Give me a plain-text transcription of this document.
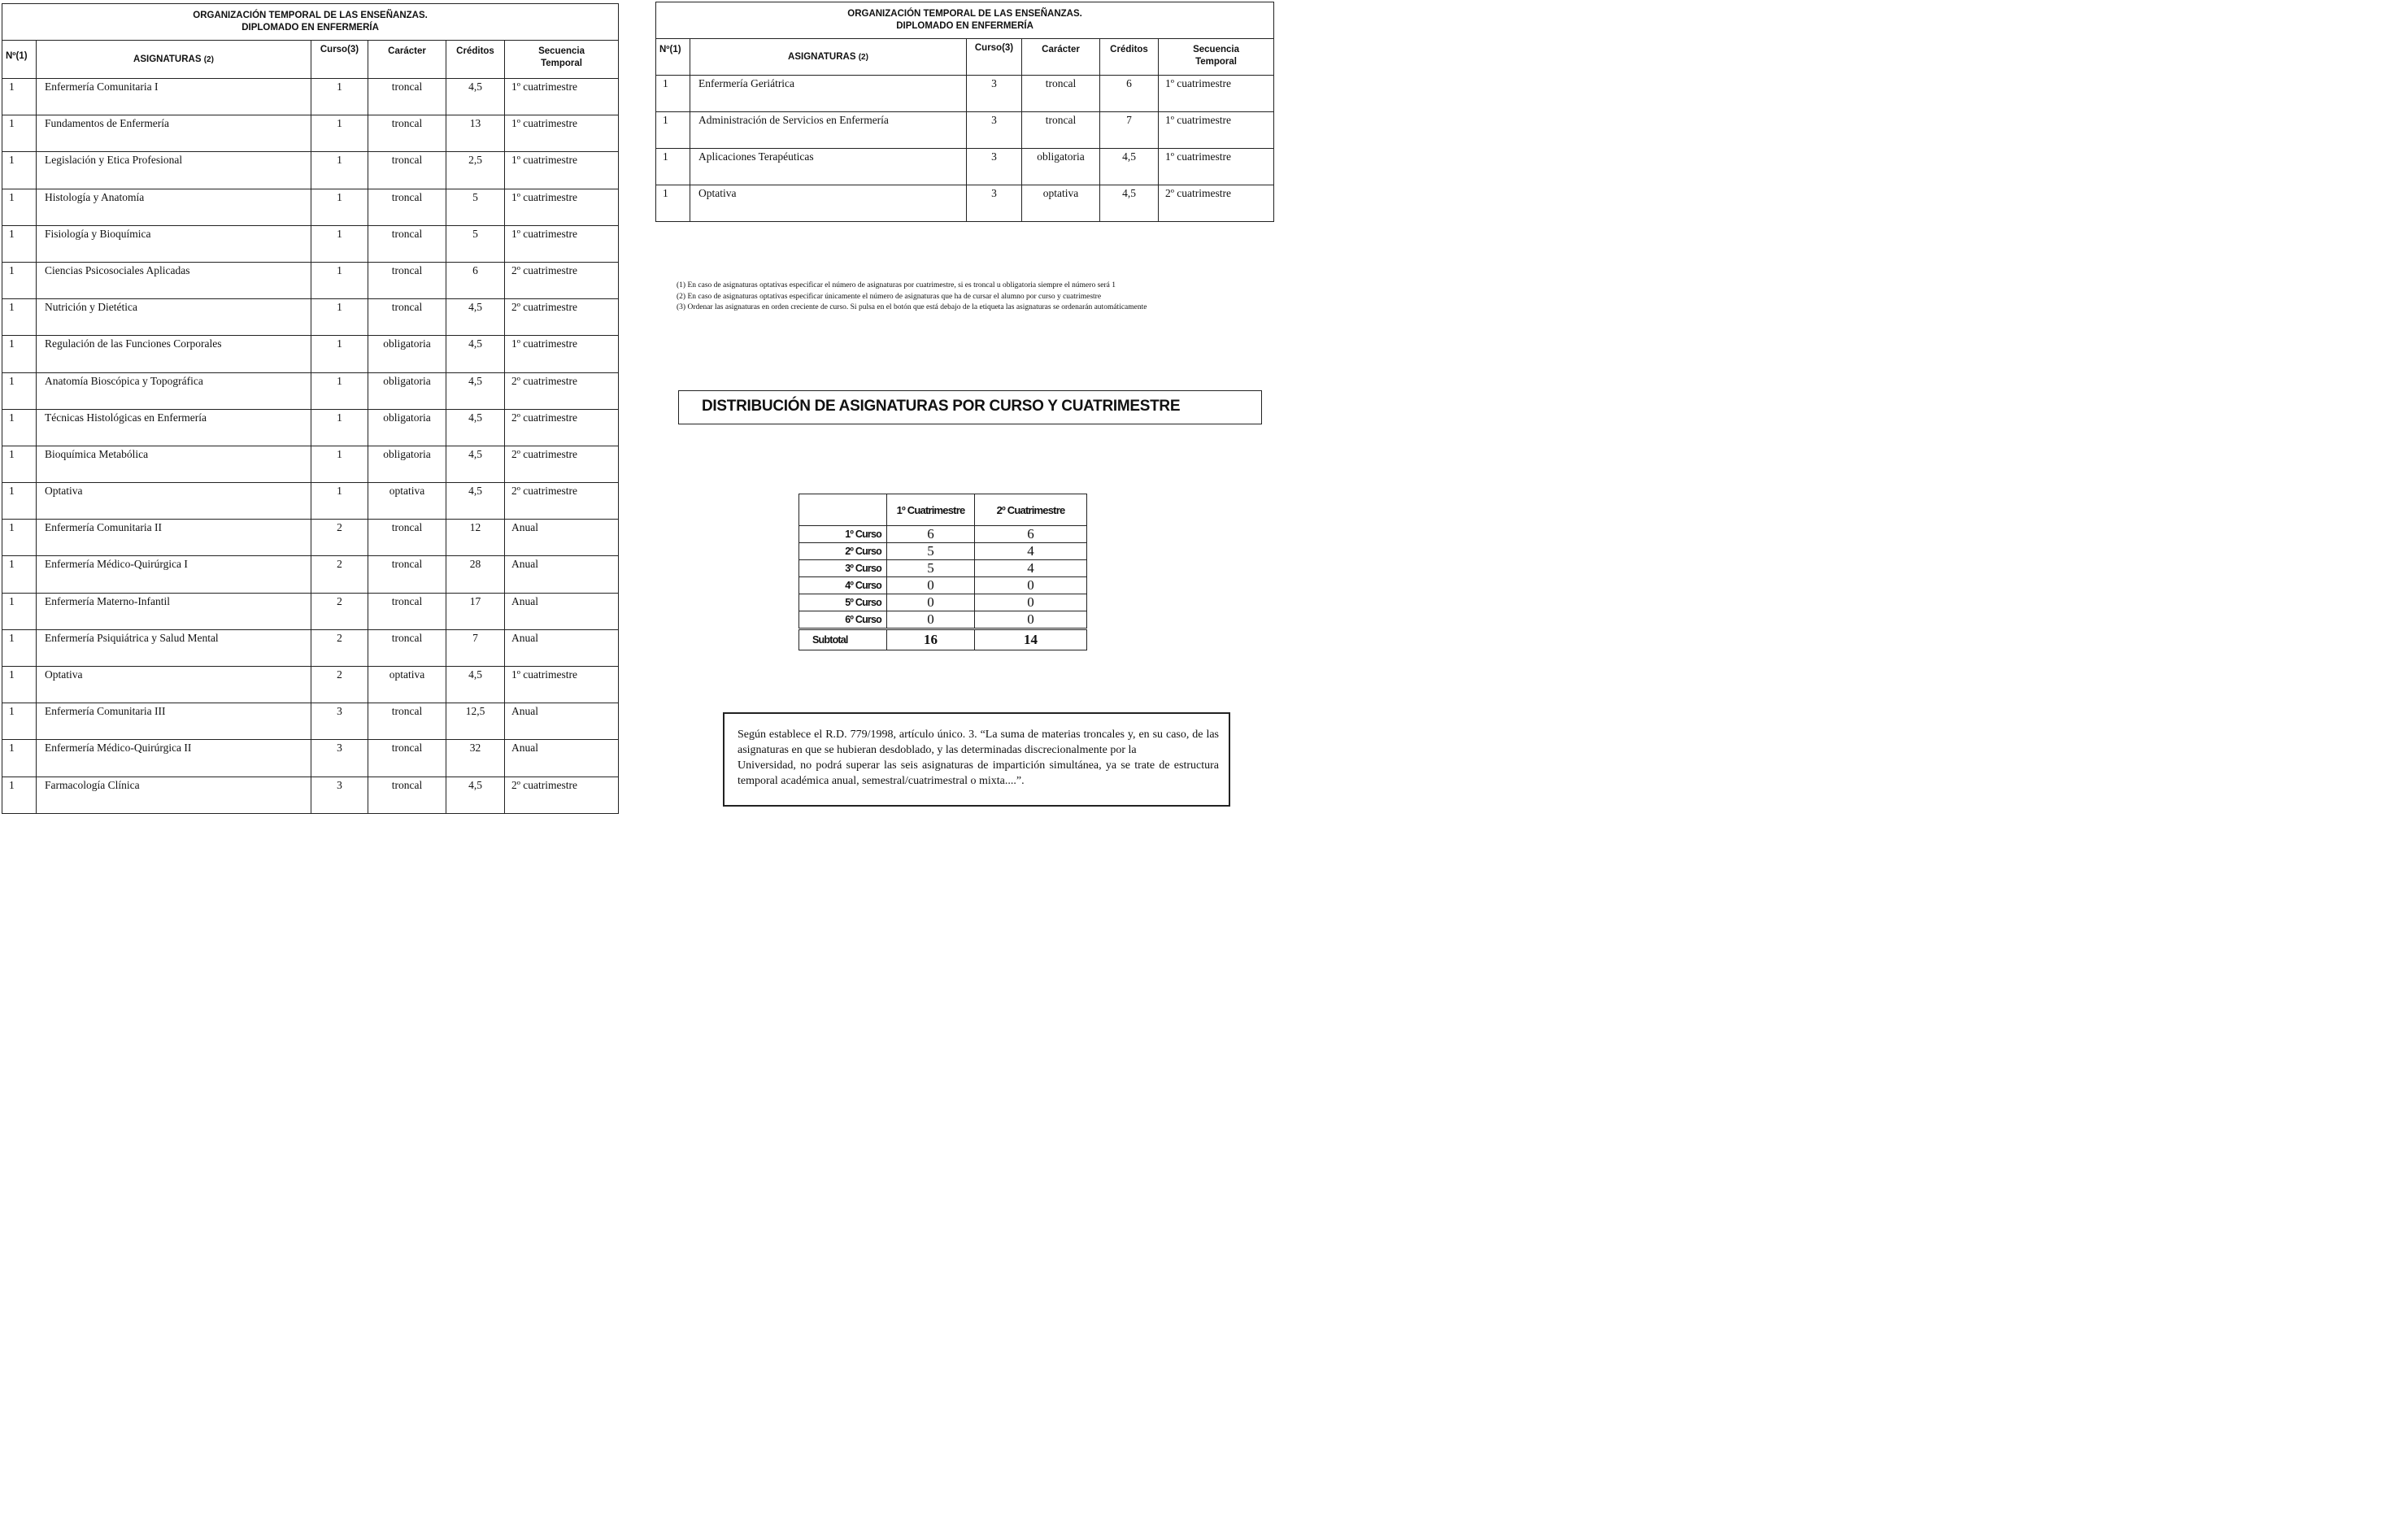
ORGANIZACIÓN TEMPORAL DE LAS ENSEÑANZAS.
DIPLOMADO EN ENFERMERÍA					

Nº(1)	ASIGNATURAS (2)	Curso(3)	Carácter	Créditos	Secuencia
Temporal

1	Enfermería Comunitaria I	1	troncal	4,5	1º cuatrimestre
1	Fundamentos de Enfermería	1	troncal	13	1º cuatrimestre
1	Legislación y Etica Profesional	1	troncal	2,5	1º cuatrimestre
1	Histología y Anatomía	1	troncal	5	1º cuatrimestre
1	Fisiología y Bioquímica	1	troncal	5	1º cuatrimestre
1	Ciencias Psicosociales Aplicadas	1	troncal	6	2º cuatrimestre
1	Nutrición y Dietética	1	troncal	4,5	2º cuatrimestre
1	Regulación de las Funciones Corporales	1	obligatoria	4,5	1º cuatrimestre
1	Anatomía Bioscópica y Topográfica	1	obligatoria	4,5	2º cuatrimestre
1	Técnicas Histológicas en Enfermería	1	obligatoria	4,5	2º cuatrimestre
1	Bioquímica Metabólica	1	obligatoria	4,5	2º cuatrimestre
1	Optativa	1	optativa	4,5	2º cuatrimestre
1	Enfermería Comunitaria II	2	troncal	12	Anual
1	Enfermería Médico-Quirúrgica I	2	troncal	28	Anual
1	Enfermería Materno-Infantil	2	troncal	17	Anual
1	Enfermería Psiquiátrica y Salud Mental	2	troncal	7	Anual
1	Optativa	2	optativa	4,5	1º cuatrimestre
1	Enfermería Comunitaria III	3	troncal	12,5	Anual
1	Enfermería Médico-Quirúrgica II	3	troncal	32	Anual
1	Farmacología Clínica	3	troncal	4,5	2º cuatrimestre
ORGANIZACIÓN TEMPORAL DE LAS ENSEÑANZAS.
DIPLOMADO EN ENFERMERÍA					

Nº(1)	ASIGNATURAS (2)	Curso(3)	Carácter	Créditos	Secuencia
Temporal

1	Enfermería Geriátrica	3	troncal	6	1º cuatrimestre
1	Administración de Servicios en Enfermería	3	troncal	7	1º cuatrimestre
1	Aplicaciones Terapéuticas	3	obligatoria	4,5	1º cuatrimestre
1	Optativa	3	optativa	4,5	2º cuatrimestre
(1) En caso de asignaturas optativas especificar el número de asignaturas por cuatrimestre, si es troncal u obligatoria siempre el número será 1
(2) En caso de asignaturas optativas especificar únicamente el número de asignaturas que ha de cursar el alumno por curso y cuatrimestre
(3) Ordenar las asignaturas en orden creciente de curso. Si pulsa en el botón que está debajo de la etiqueta las asignaturas se ordenarán automáticamente
DISTRIBUCIÓN DE ASIGNATURAS POR CURSO Y CUATRIMESTRE
	1º Cuatrimestre	2º Cuatrimestre
1º Curso	6	6
2º Curso	5	4
3º Curso	5	4
4º Curso	0	0
5º Curso	0	0
6º Curso	0	0
Subtotal	16	14
Según establece el R.D. 779/1998, artículo único. 3. “La suma de materias troncales y, en su caso, de las asignaturas en que se hubieran desdoblado, y las determinadas discrecionalmente por la
Universidad, no podrá superar las seis asignaturas de impartición simultánea, ya se trate de estructura temporal académica anual, semestral/cuatrimestral o mixta....”.
